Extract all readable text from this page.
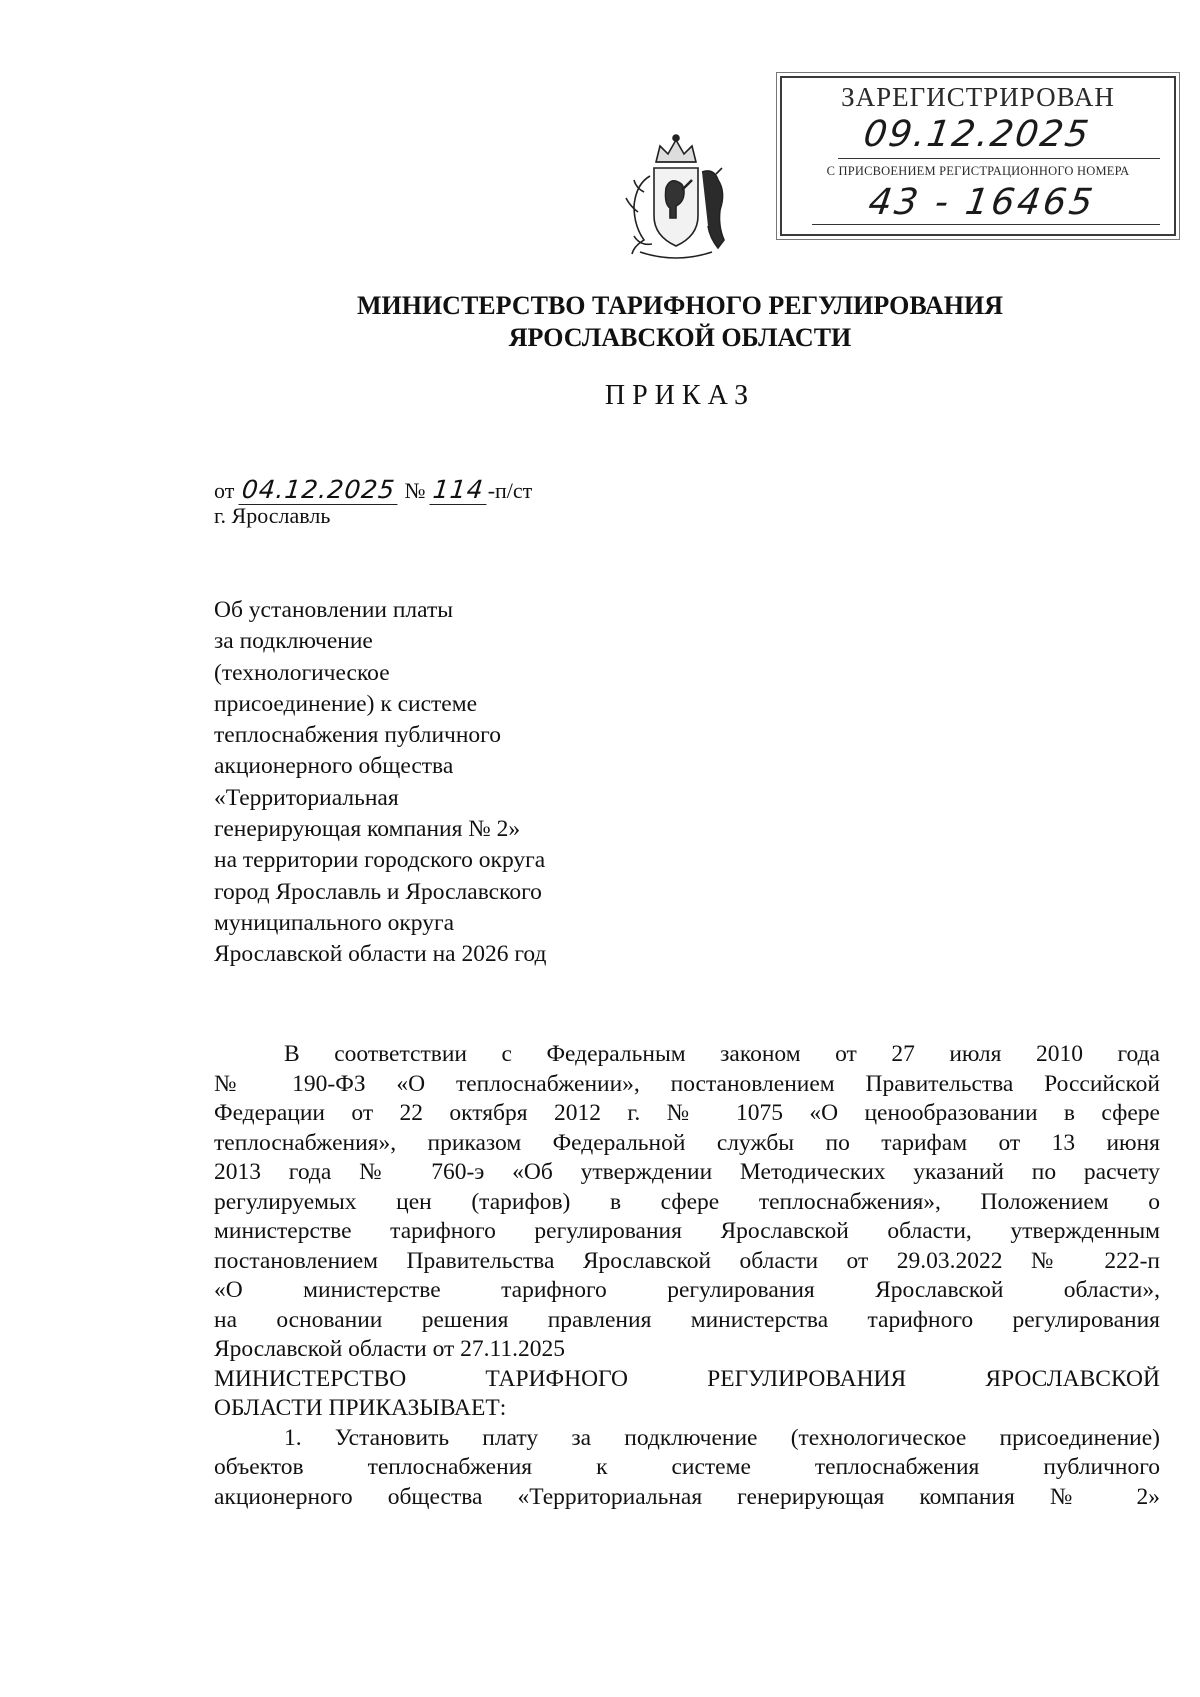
ЗАРЕГИСТРИРОВАН
09.12.2025
С ПРИСВОЕНИЕМ РЕГИСТРАЦИОННОГО НОМЕРА
43 - 16465
МИНИСТЕРСТВО ТАРИФНОГО РЕГУЛИРОВАНИЯ
ЯРОСЛАВСКОЙ ОБЛАСТИ
ПРИКАЗ
от 04.12.2025 № 114 -п/ст
г. Ярославль
Об установлении платы
за подключение
(технологическое
присоединение) к системе
теплоснабжения публичного
акционерного общества
«Территориальная
генерирующая компания № 2»
на территории городского округа
город Ярославль и Ярославского
муниципального округа
Ярославской области на 2026 год
В соответствии с Федеральным законом от 27 июля 2010 года
№ 190-ФЗ «О теплоснабжении», постановлением Правительства Российской
Федерации от 22 октября 2012 г. № 1075 «О ценообразовании в сфере
теплоснабжения», приказом Федеральной службы по тарифам от 13 июня
2013 года № 760-э «Об утверждении Методических указаний по расчету
регулируемых цен (тарифов) в сфере теплоснабжения», Положением о
министерстве тарифного регулирования Ярославской области, утвержденным
постановлением Правительства Ярославской области от 29.03.2022 № 222-п
«О министерстве тарифного регулирования Ярославской области»,
на основании решения правления министерства тарифного регулирования
Ярославской области от 27.11.2025
МИНИСТЕРСТВО ТАРИФНОГО РЕГУЛИРОВАНИЯ ЯРОСЛАВСКОЙ
ОБЛАСТИ ПРИКАЗЫВАЕТ:
1. Установить плату за подключение (технологическое присоединение)
объектов теплоснабжения к системе теплоснабжения публичного
акционерного общества «Территориальная генерирующая компания № 2»
